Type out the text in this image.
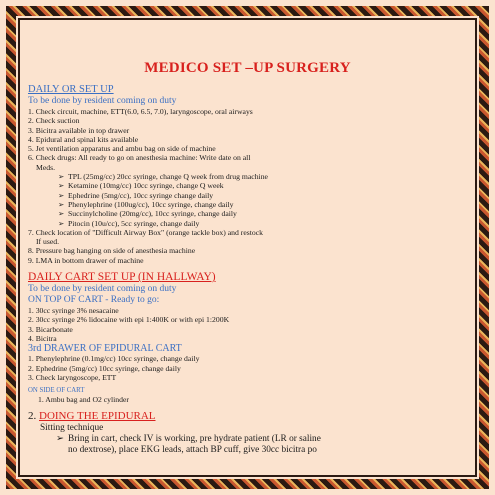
MEDICO SET –UP SURGERY
DAILY OR SET UP
To be done by resident coming on duty
1. Check circuit, machine, ETT(6.0, 6.5, 7.0), laryngoscope, oral airways
2. Check suction
3. Bicitra available in top drawer
4. Epidural and spinal kits available
5. Jet ventilation apparatus and ambu bag on side of machine
6. Check drugs: All ready to go on anesthesia machine: Write date on all
Meds.
➢ TPL (25mg/cc) 20cc syringe, change Q week from drug machine
➢ Ketamine (10mg/cc) 10cc syringe, change Q week
➢ Ephedrine (5mg/cc), 10cc syringe change daily
➢ Phenylephrine (100ug/cc), 10cc syringe, change daily
➢ Succinylcholine (20mg/cc), 10cc syringe, change daily
➢ Pitocin (10u/cc), 5cc syringe, change daily
7. Check location of "Difficult Airway Box" (orange tackle box) and restock
If used.
8. Pressure bag hanging on side of anesthesia machine
9. LMA in bottom drawer of machine
DAILY CART SET UP (IN HALLWAY)
To be done by resident coming on duty
ON TOP OF CART - Ready to go:
1. 30cc syringe 3% nesacaine
2. 30cc syringe 2% lidocaine with epi 1:400K or with epi 1:200K
3. Bicarbonate
4. Bicitra
3rd DRAWER OF EPIDURAL CART
1. Phenylephrine (0.1mg/cc) 10cc syringe, change daily
2. Ephedrine (5mg/cc) 10cc syringe, change daily
3. Check laryngoscope, ETT
ON SIDE OF CART
1. Ambu bag and O2 cylinder
2. DOING THE EPIDURAL
Sitting technique
➢ Bring in cart, check IV is working, pre hydrate patient (LR or saline
no dextrose), place EKG leads, attach BP cuff, give 30cc bicitra po
